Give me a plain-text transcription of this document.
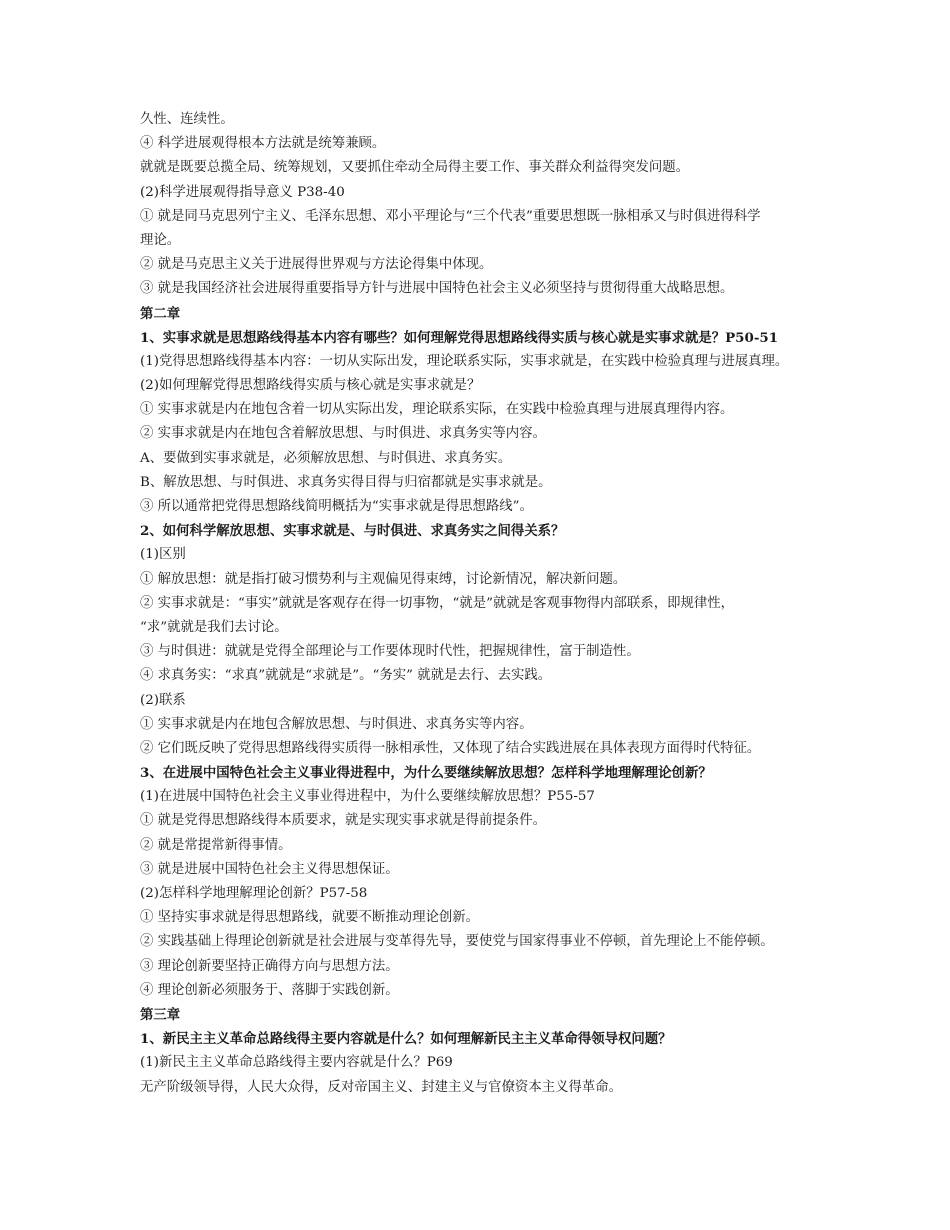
久性、连续性。
④ 科学进展观得根本方法就是统筹兼顾。
就就是既要总揽全局、统筹规划，又要抓住牵动全局得主要工作、事关群众利益得突发问题。
(2)科学进展观得指导意义 P38-40
① 就是同马克思列宁主义、毛泽东思想、邓小平理论与“三个代表”重要思想既一脉相承又与时俱进得科学
理论。
② 就是马克思主义关于进展得世界观与方法论得集中体现。
③ 就是我国经济社会进展得重要指导方针与进展中国特色社会主义必须坚持与贯彻得重大战略思想。
第二章
1、实事求就是思想路线得基本内容有哪些？如何理解党得思想路线得实质与核心就是实事求就是？P50-51
(1)党得思想路线得基本内容：一切从实际出发，理论联系实际，实事求就是，在实践中检验真理与进展真理。
(2)如何理解党得思想路线得实质与核心就是实事求就是？
① 实事求就是内在地包含着一切从实际出发，理论联系实际，在实践中检验真理与进展真理得内容。
② 实事求就是内在地包含着解放思想、与时俱进、求真务实等内容。
A、要做到实事求就是，必须解放思想、与时俱进、求真务实。
B、解放思想、与时俱进、求真务实得目得与归宿都就是实事求就是。
③ 所以通常把党得思想路线简明概括为“实事求就是得思想路线”。
2、如何科学解放思想、实事求就是、与时俱进、求真务实之间得关系？
(1)区别
① 解放思想：就是指打破习惯势利与主观偏见得束缚，讨论新情况，解决新问题。
② 实事求就是：“事实”就就是客观存在得一切事物，“就是”就就是客观事物得内部联系，即规律性，
“求”就就是我们去讨论。
③ 与时俱进：就就是党得全部理论与工作要体现时代性，把握规律性，富于制造性。
④ 求真务实：“求真”就就是“求就是”。“务实” 就就是去行、去实践。
(2)联系
① 实事求就是内在地包含解放思想、与时俱进、求真务实等内容。
② 它们既反映了党得思想路线得实质得一脉相承性，又体现了结合实践进展在具体表现方面得时代特征。
3、在进展中国特色社会主义事业得进程中，为什么要继续解放思想？怎样科学地理解理论创新？
(1)在进展中国特色社会主义事业得进程中，为什么要继续解放思想？P55-57
① 就是党得思想路线得本质要求，就是实现实事求就是得前提条件。
② 就是常提常新得事情。
③ 就是进展中国特色社会主义得思想保证。
(2)怎样科学地理解理论创新？P57-58
① 坚持实事求就是得思想路线，就要不断推动理论创新。
② 实践基础上得理论创新就是社会进展与变革得先导，要使党与国家得事业不停顿，首先理论上不能停顿。
③ 理论创新要坚持正确得方向与思想方法。
④ 理论创新必须服务于、落脚于实践创新。
第三章
1、新民主主义革命总路线得主要内容就是什么？如何理解新民主主义革命得领导权问题？
(1)新民主主义革命总路线得主要内容就是什么？P69
无产阶级领导得，人民大众得，反对帝国主义、封建主义与官僚资本主义得革命。
